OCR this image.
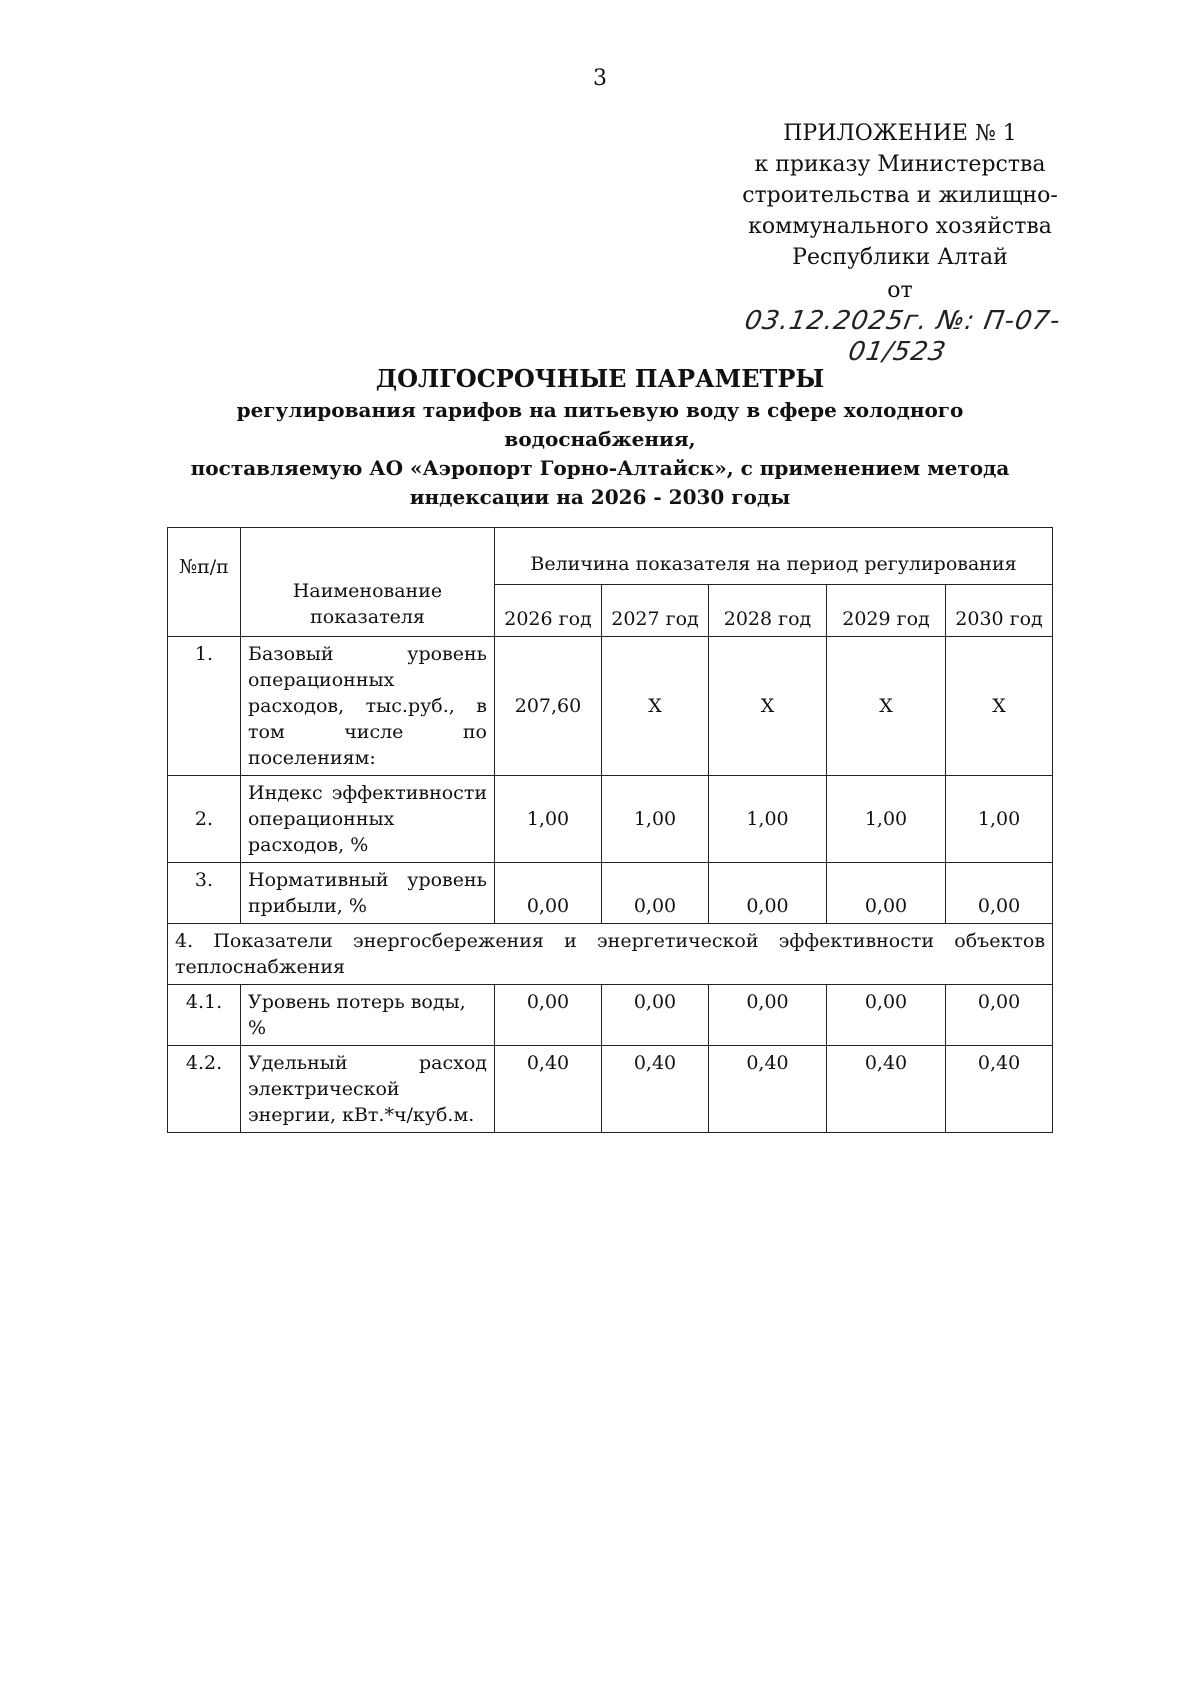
3
ПРИЛОЖЕНИЕ № 1
к приказу Министерства
строительства и жилищно-
коммунального хозяйства
Республики Алтай
от 03.12.2025г. №: П-07-01/523
ДОЛГОСРОЧНЫЕ ПАРАМЕТРЫ
регулирования тарифов на питьевую воду в сфере холодного водоснабжения,
поставляемую АО «Аэропорт Горно-Алтайск», с применением метода
индексации на 2026 - 2030 годы
№п/п	Наименование показателя	Величина показателя на период регулирования				
		2026 год	2027 год	2028 год	2029 год	2030 год
1.	Базовый уровень операционных расходов, тыс.руб., в том числе по поселениям:	207,60	X	X	X	X
2.	Индекс эффективности операционных расходов, %	1,00	1,00	1,00	1,00	1,00
3.	Нормативный уровень прибыли, %	0,00	0,00	0,00	0,00	0,00
4. Показатели энергосбережения и энергетической эффективности объектов теплоснабжения						
4.1.	Уровень потерь воды, %	0,00	0,00	0,00	0,00	0,00
4.2.	Удельный расход электрической энергии, кВт.*ч/куб.м.	0,40	0,40	0,40	0,40	0,40
